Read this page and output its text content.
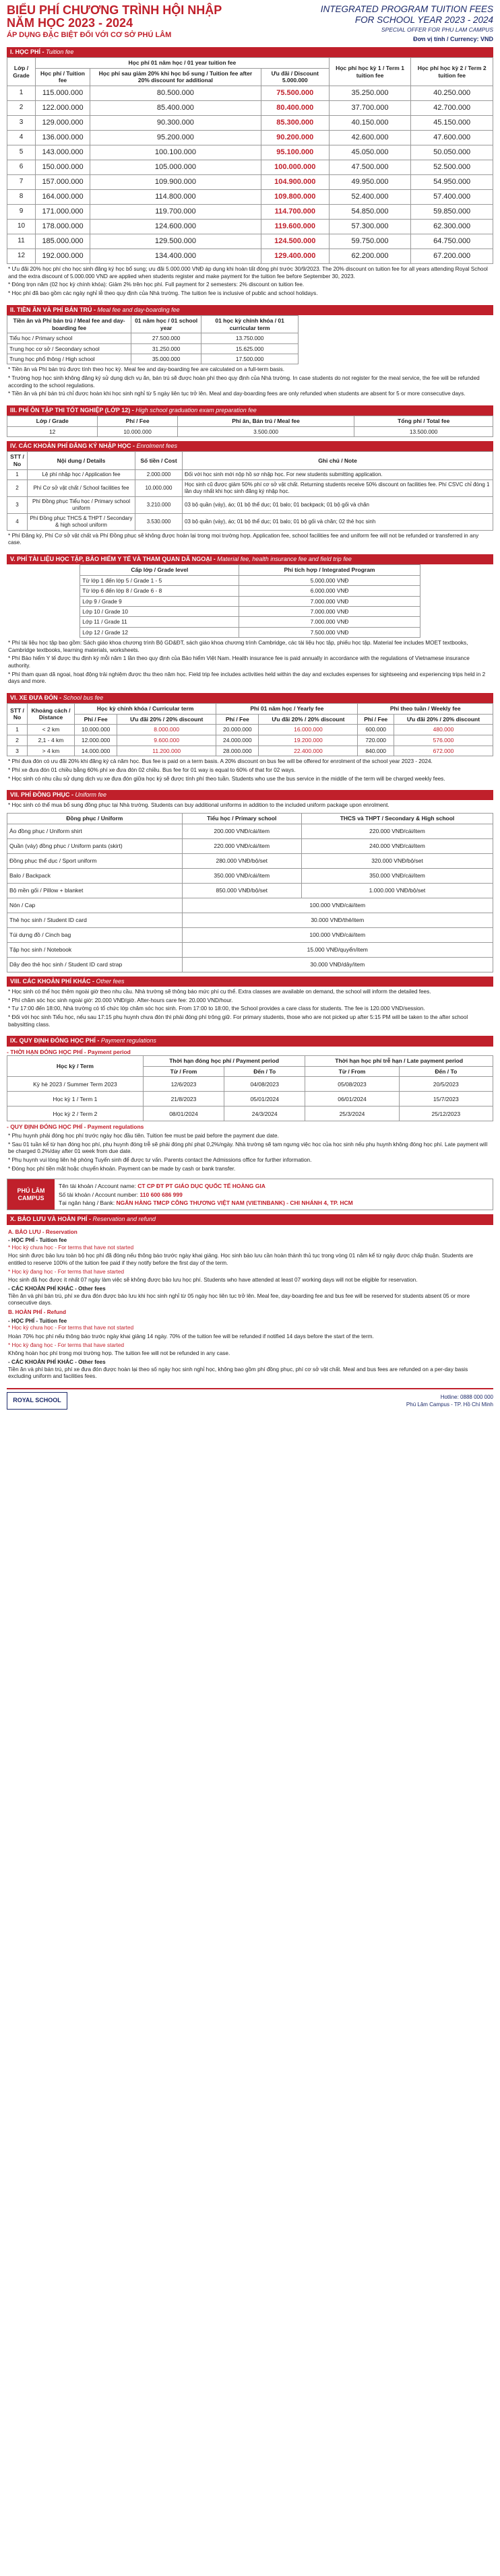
BIỂU PHÍ CHƯƠNG TRÌNH HỘI NHẬP
NĂM HỌC 2023 - 2024
ÁP DỤNG ĐẶC BIỆT ĐỐI VỚI CƠ SỞ PHÚ LÂM
INTEGRATED PROGRAM TUITION FEES
FOR SCHOOL YEAR 2023 - 2024
SPECIAL OFFER FOR PHU LAM CAMPUS
Đơn vị tính / Currency: VND
I. HỌC PHÍ - Tuition fee
Lớp / Grade	Học phí 01 năm học / 01 year tuition fee			Học phí học kỳ 1 / Term 1 tuition fee	Học phí học kỳ 2 / Term 2 tuition fee
	Học phí / Tuition fee	Học phí sau giảm 20% khi học bổ sung / Tuition fee after 20% discount for additional	Ưu đãi / Discount 5.000.000		
1	115.000.000	80.500.000	75.500.000	35.250.000	40.250.000
2	122.000.000	85.400.000	80.400.000	37.700.000	42.700.000
3	129.000.000	90.300.000	85.300.000	40.150.000	45.150.000
4	136.000.000	95.200.000	90.200.000	42.600.000	47.600.000
5	143.000.000	100.100.000	95.100.000	45.050.000	50.050.000
6	150.000.000	105.000.000	100.000.000	47.500.000	52.500.000
7	157.000.000	109.900.000	104.900.000	49.950.000	54.950.000
8	164.000.000	114.800.000	109.800.000	52.400.000	57.400.000
9	171.000.000	119.700.000	114.700.000	54.850.000	59.850.000
10	178.000.000	124.600.000	119.600.000	57.300.000	62.300.000
11	185.000.000	129.500.000	124.500.000	59.750.000	64.750.000
12	192.000.000	134.400.000	129.400.000	62.200.000	67.200.000

* Ưu đãi 20% học phí cho học sinh đăng ký học bổ sung; ưu đãi 5.000.000 VNĐ áp dụng khi hoàn tất đóng phí trước 30/9/2023. The 20% discount on tuition fee for all years attending Royal School and the extra discount of 5.000.000 VND are applied when students register and make payment for the tuition fee before September 30, 2023.

* Đóng trọn năm (02 học kỳ chính khóa): Giảm 2% trên học phí. Full payment for 2 semesters: 2% discount on tuition fee.

* Học phí đã bao gồm các ngày nghỉ lễ theo quy định của Nhà trường. The tuition fee is inclusive of public and school holidays.

II. TIỀN ĂN VÀ PHÍ BÁN TRÚ - Meal fee and day-boarding fee
Tiền ăn và Phí bán trú / Meal fee and day-boarding fee	01 năm học / 01 school year	01 học kỳ chính khóa / 01 curricular term
Tiểu học / Primary school	27.500.000	13.750.000
Trung học cơ sở / Secondary school	31.250.000	15.625.000
Trung học phổ thông / High school	35.000.000	17.500.000

* Tiền ăn và Phí bán trú được tính theo học kỳ. Meal fee and day-boarding fee are calculated on a full-term basis.

* Trường hợp học sinh không đăng ký sử dụng dịch vụ ăn, bán trú sẽ được hoàn phí theo quy định của Nhà trường. In case students do not register for the meal service, the fee will be refunded according to the school regulations.

* Tiền ăn và phí bán trú chỉ được hoàn khi học sinh nghỉ từ 5 ngày liên tục trở lên. Meal and day-boarding fees are only refunded when students are absent for 5 or more consecutive days.

III. PHÍ ÔN TẬP THI TỐT NGHIỆP (LỚP 12) - High school graduation exam preparation fee
Lớp / Grade	Phí / Fee	Phí ăn, Bán trú / Meal fee	Tổng phí / Total fee
12	10.000.000	3.500.000	13.500.000
IV. CÁC KHOẢN PHÍ ĐĂNG KÝ NHẬP HỌC - Enrolment fees
STT / No	Nội dung / Details	Số tiền / Cost	Ghi chú / Note
1	Lệ phí nhập học / Application fee	2.000.000	Đối với học sinh mới nộp hồ sơ nhập học. For new students submitting application.
2	Phí Cơ sở vật chất / School facilities fee	10.000.000	Học sinh cũ được giảm 50% phí cơ sở vật chất. Returning students receive 50% discount on facilities fee. Phí CSVC chỉ đóng 1 lần duy nhất khi học sinh đăng ký nhập học.
3	Phí Đồng phục Tiểu học / Primary school uniform	3.210.000	03 bộ quần (váy), áo; 01 bộ thể dục; 01 balo; 01 backpack; 01 bộ gối và chăn
4	Phí Đồng phục THCS & THPT / Secondary & high school uniform	3.530.000	03 bộ quần (váy), áo; 01 bộ thể dục; 01 balo; 01 bộ gối và chăn; 02 thẻ học sinh

* Phí Đăng ký, Phí Cơ sở vật chất và Phí Đồng phục sẽ không được hoàn lại trong mọi trường hợp. Application fee, school facilities fee and uniform fee will not be refunded or transferred in any case.

V. PHÍ TÀI LIỆU HỌC TẬP, BẢO HIỂM Y TẾ VÀ THAM QUAN DÃ NGOẠI - Material fee, health insurance fee and field trip fee
Cấp lớp / Grade level	Phí tích hợp / Integrated Program
Từ lớp 1 đến lớp 5 / Grade 1 - 5	5.000.000 VNĐ
Từ lớp 6 đến lớp 8 / Grade 6 - 8	6.000.000 VNĐ
Lớp 9 / Grade 9	7.000.000 VNĐ
Lớp 10 / Grade 10	7.000.000 VNĐ
Lớp 11 / Grade 11	7.000.000 VNĐ
Lớp 12 / Grade 12	7.500.000 VNĐ

* Phí tài liệu học tập bao gồm: Sách giáo khoa chương trình Bộ GD&ĐT, sách giáo khoa chương trình Cambridge, các tài liệu học tập, phiếu học tập. Material fee includes MOET textbooks, Cambridge textbooks, learning materials, worksheets.

* Phí Bảo hiểm Y tế được thu định kỳ mỗi năm 1 lần theo quy định của Bảo hiểm Việt Nam. Health insurance fee is paid annually in accordance with the regulations of Vietnamese insurance authority.

* Phí tham quan dã ngoại, hoạt động trải nghiệm được thu theo năm học. Field trip fee includes activities held within the day and excludes expenses for sightseeing and experiencing trips held in 2 days and more.

VI. XE ĐƯA ĐÓN - School bus fee
STT / No	Khoảng cách / Distance	Học kỳ chính khóa / Curricular term		Phí 01 năm học / Yearly fee		Phí theo tuần / Weekly fee	
		Phí / Fee	Ưu đãi 20% / 20% discount	Phí / Fee	Ưu đãi 20% / 20% discount	Phí / Fee	Ưu đãi 20% / 20% discount
1	< 2 km	10.000.000	8.000.000	20.000.000	16.000.000	600.000	480.000
2	2,1 - 4 km	12.000.000	9.600.000	24.000.000	19.200.000	720.000	576.000
3	> 4 km	14.000.000	11.200.000	28.000.000	22.400.000	840.000	672.000

* Phí đưa đón có ưu đãi 20% khi đăng ký cả năm học. Bus fee is paid on a term basis. A 20% discount on bus fee will be offered for enrolment of the school year 2023 - 2024.

* Phí xe đưa đón 01 chiều bằng 60% phí xe đưa đón 02 chiều. Bus fee for 01 way is equal to 60% of that for 02 ways.

* Học sinh có nhu cầu sử dụng dịch vụ xe đưa đón giữa học kỳ sẽ được tính phí theo tuần. Students who use the bus service in the middle of the term will be charged weekly fees.

VII. PHÍ ĐỒNG PHỤC - Uniform fee

* Học sinh có thể mua bổ sung đồng phục tại Nhà trường. Students can buy additional uniforms in addition to the included uniform package upon enrolment.

Đồng phục / Uniform	Tiểu học / Primary school	THCS và THPT / Secondary & High school
Áo đồng phục / Uniform shirt	200.000 VNĐ/cái/item	220.000 VNĐ/cái/item
Quần (váy) đồng phục / Uniform pants (skirt)	220.000 VNĐ/cái/item	240.000 VNĐ/cái/item
Đồng phục thể dục / Sport uniform	280.000 VNĐ/bộ/set	320.000 VNĐ/bộ/set
Balo / Backpack	350.000 VNĐ/cái/item	350.000 VNĐ/cái/item
Bộ mền gối / Pillow + blanket	850.000 VNĐ/bộ/set	1.000.000 VNĐ/bộ/set
Nón / Cap	100.000 VNĐ/cái/item	
Thẻ học sinh / Student ID card	30.000 VNĐ/thẻ/item	
Túi dựng đồ / Cinch bag	100.000 VNĐ/cái/item	
Tập học sinh / Notebook	15.000 VNĐ/quyển/item	
Dây đeo thẻ học sinh / Student ID card strap	30.000 VNĐ/dây/item	
VIII. CÁC KHOẢN PHÍ KHÁC - Other fees

* Học sinh có thể học thêm ngoài giờ theo nhu cầu. Nhà trường sẽ thông báo mức phí cụ thể. Extra classes are available on demand, the school will inform the detailed fees.

* Phí chăm sóc học sinh ngoài giờ: 20.000 VNĐ/giờ. After-hours care fee: 20.000 VND/hour.

* Tư 17:00 đến 18:00, Nhà trường có tổ chức lớp chăm sóc học sinh. From 17:00 to 18:00, the School provides a care class for students. The fee is 120.000 VND/session.

* Đối với học sinh Tiểu học, nếu sau 17:15 phụ huynh chưa đón thì phải đóng phí trông giữ. For primary students, those who are not picked up after 5:15 PM will be taken to the after school babysitting class.

IX. QUY ĐỊNH ĐÓNG HỌC PHÍ - Payment regulations
- THỜI HẠN ĐÓNG HỌC PHÍ - Payment period
Học kỳ / Term	Thời hạn đóng học phí / Payment period		Thời hạn học phí trễ hạn / Late payment period	
	Từ / From	Đến / To	Từ / From	Đến / To
Kỳ hè 2023 / Summer Term 2023	12/6/2023	04/08/2023	05/08/2023	20/5/2023
Học kỳ 1 / Term 1	21/8/2023	05/01/2024	06/01/2024	15/7/2023
Học kỳ 2 / Term 2	08/01/2024	24/3/2024	25/3/2024	25/12/2023
- QUY ĐỊNH ĐÓNG HỌC PHÍ - Payment regulations

* Phụ huynh phải đóng học phí trước ngày học đầu tiên. Tuition fee must be paid before the payment due date.

* Sau 01 tuần kể từ hạn đóng học phí, phụ huynh đóng trễ sẽ phải đóng phí phạt 0,2%/ngày. Nhà trường sẽ tạm ngưng việc học của học sinh nếu phụ huynh không đóng học phí. Late payment will be charged 0.2%/day after 01 week from due date.

* Phụ huynh vui lòng liên hệ phòng Tuyển sinh để được tư vấn. Parents contact the Admissions office for further information.

* Đóng học phí tiền mặt hoặc chuyển khoản. Payment can be made by cash or bank transfer.

PHÚ LÂM CAMPUS
Tên tài khoản / Account name: CT CP ĐT PT GIÁO DỤC QUỐC TẾ HOÀNG GIA
Số tài khoản / Account number: 110 600 686 999
Tại ngân hàng / Bank: NGÂN HÀNG TMCP CÔNG THƯƠNG VIỆT NAM (VIETINBANK) - CHI NHÁNH 4, TP. HCM
X. BẢO LƯU VÀ HOÀN PHÍ - Reservation and refund
A. BẢO LƯU - Reservation
- HỌC PHÍ - Tuition fee

* Học kỳ chưa học - For terms that have not started

Học sinh được bảo lưu toàn bộ học phí đã đóng nếu thông báo trước ngày khai giảng. Học sinh bảo lưu cần hoàn thành thủ tục trong vòng 01 năm kể từ ngày được chấp thuận. Students are entitled to reserve 100% of the tuition fee paid if they notify before the first day of the term.

* Học kỳ đang học - For terms that have started

Học sinh đã học được ít nhất 07 ngày làm việc sẽ không được bảo lưu học phí. Students who have attended at least 07 working days will not be eligible for reservation.

- CÁC KHOẢN PHÍ KHÁC - Other fees

Tiền ăn và phí bán trú, phí xe đưa đón được bảo lưu khi học sinh nghỉ từ 05 ngày học liên tục trở lên. Meal fee, day-boarding fee and bus fee will be reserved for students absent 05 or more consecutive days.

B. HOÀN PHÍ - Refund
- HỌC PHÍ - Tuition fee

* Học kỳ chưa học - For terms that have not started

Hoàn 70% học phí nếu thông báo trước ngày khai giảng 14 ngày. 70% of the tuition fee will be refunded if notified 14 days before the start of the term.

* Học kỳ đang học - For terms that have started

Không hoàn học phí trong mọi trường hợp. The tuition fee will not be refunded in any case.

- CÁC KHOẢN PHÍ KHÁC - Other fees

Tiền ăn và phí bán trú, phí xe đưa đón được hoàn lại theo số ngày học sinh nghỉ học, không bao gồm phí đồng phục, phí cơ sở vật chất. Meal and bus fees are refunded on a per-day basis excluding uniform and facilities fees.

ROYAL SCHOOL
Hotline: 0888 000 000
Phú Lâm Campus - TP. Hồ Chí Minh
